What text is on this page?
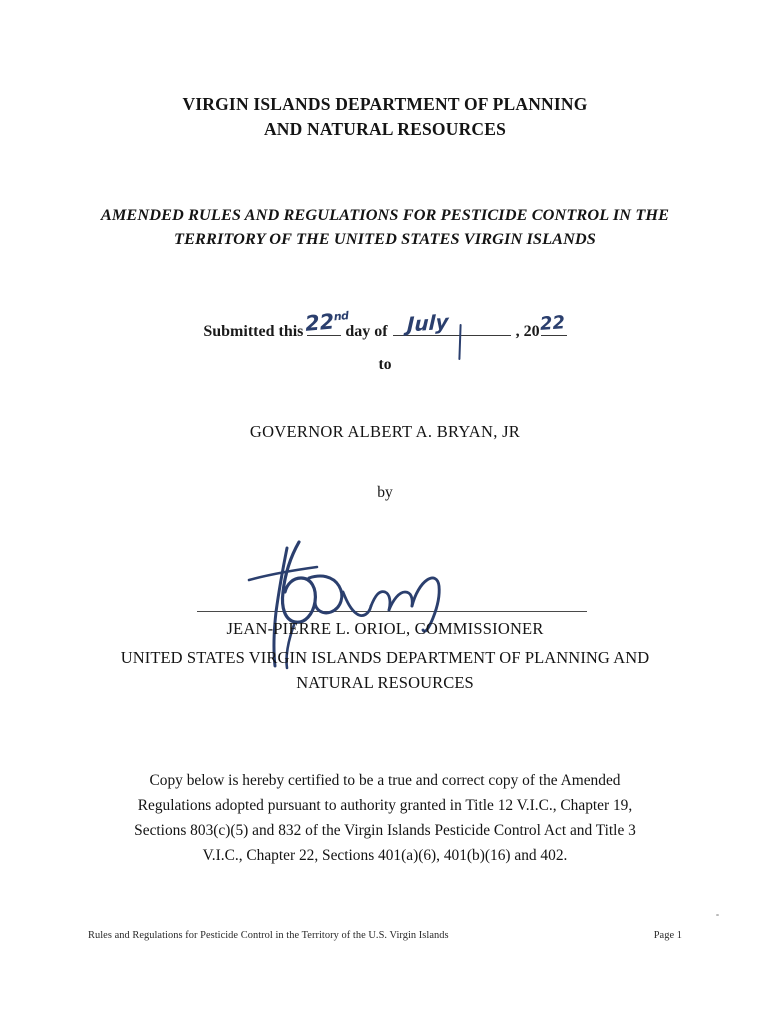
VIRGIN ISLANDS DEPARTMENT OF PLANNING
AND NATURAL RESOURCES
AMENDED RULES AND REGULATIONS FOR PESTICIDE CONTROL IN THE
TERRITORY OF THE UNITED STATES VIRGIN ISLANDS
Submitted this 22nd
day of July	, 20 22
to
GOVERNOR ALBERT A. BRYAN, JR
by
JEAN-PIERRE L. ORIOL, COMMISSIONER
UNITED STATES VIRGIN ISLANDS DEPARTMENT OF PLANNING AND
NATURAL RESOURCES
Copy below is hereby certified to be a true and correct copy of the Amended
Regulations adopted pursuant to authority granted in Title 12 V.I.C., Chapter 19,
Sections 803(c)(5) and 832 of the Virgin Islands Pesticide Control Act and Title 3
V.I.C., Chapter 22, Sections 401(a)(6), 401(b)(16) and 402.
Rules and Regulations for Pesticide Control in the Territory of the U.S. Virgin Islands	Page 1
